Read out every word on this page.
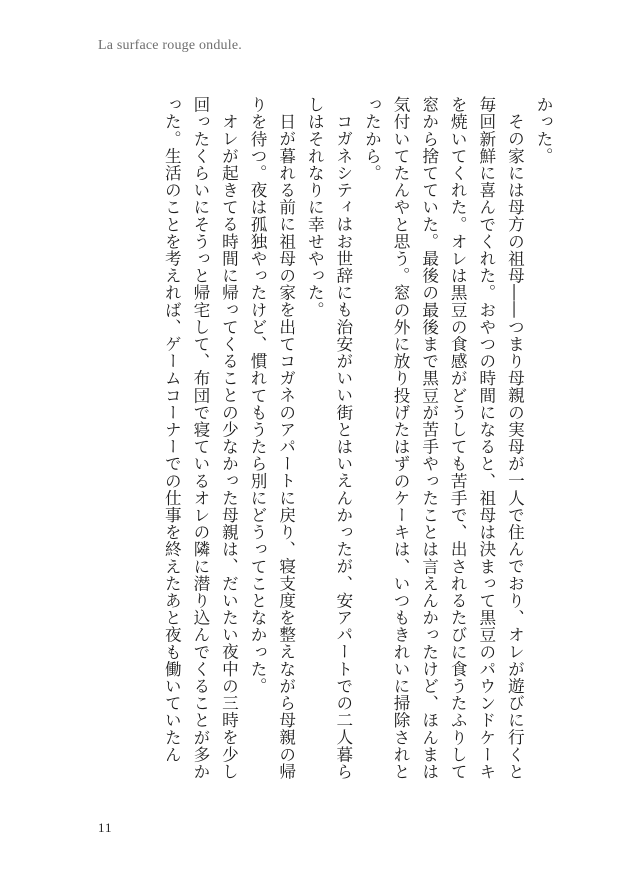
La surface rouge ondule.

かった。

その家には母方の祖母――つまり母親の実母が一人で住んでおり、オレが遊びに行くと毎回新鮮に喜んでくれた。おやつの時間になると、祖母は決まって黒豆のパウンドケーキを焼いてくれた。オレは黒豆の食感がどうしても苦手で、出されるたびに食うたふりして窓から捨てていた。最後の最後まで黒豆が苦手やったことは言えんかったけど、ほんまは気付いてたんやと思う。窓の外に放り投げたはずのケーキは、いつもきれいに掃除されとったから。

コガネシティはお世辞にも治安がいい街とはいえんかったが、安アパートでの二人暮らしはそれなりに幸せやった。

日が暮れる前に祖母の家を出てコガネのアパートに戻り、寝支度を整えながら母親の帰りを待つ。夜は孤独やったけど、慣れてもうたら別にどうってことなかった。

オレが起きてる時間に帰ってくることの少なかった母親は、だいたい夜中の三時を少し回ったくらいにそうっと帰宅して、布団で寝ているオレの隣に潜り込んでくることが多かった。生活のことを考えれば、ゲームコーナーでの仕事を終えたあと夜も働いていたん

11
